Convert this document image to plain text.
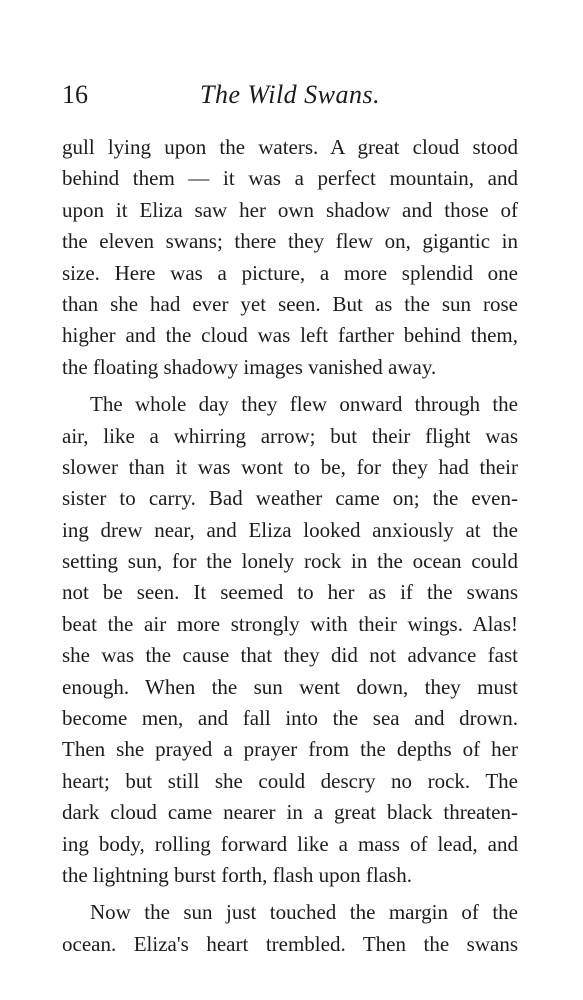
16	The Wild Swans.
gull lying upon the waters. A great cloud stood
behind them — it was a perfect mountain, and
upon it Eliza saw her own shadow and those of
the eleven swans; there they flew on, gigantic in
size. Here was a picture, a more splendid one
than she had ever yet seen. But as the sun rose
higher and the cloud was left farther behind them,
the floating shadowy images vanished away.
The whole day they flew onward through the
air, like a whirring arrow; but their flight was
slower than it was wont to be, for they had their
sister to carry. Bad weather came on; the even-
ing drew near, and Eliza looked anxiously at the
setting sun, for the lonely rock in the ocean could
not be seen. It seemed to her as if the swans
beat the air more strongly with their wings. Alas!
she was the cause that they did not advance fast
enough. When the sun went down, they must
become men, and fall into the sea and drown.
Then she prayed a prayer from the depths of her
heart; but still she could descry no rock. The
dark cloud came nearer in a great black threaten-
ing body, rolling forward like a mass of lead, and
the lightning burst forth, flash upon flash.
Now the sun just touched the margin of the
ocean. Eliza's heart trembled. Then the swans
